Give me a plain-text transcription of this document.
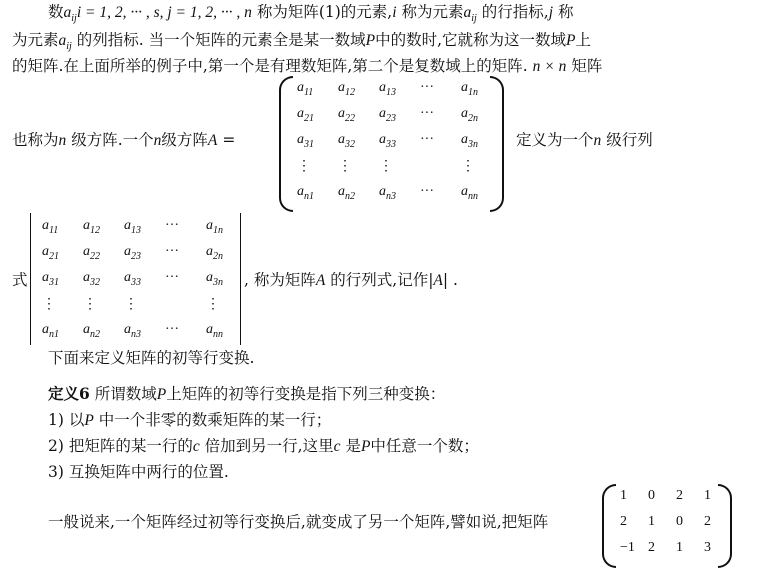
数$a_{ij}i = 1$, 2, ··· , s, j = 1, 2, ··· , n 称为矩阵(1)的元素,i 称为元素$a_{ij}$ 的行指标,j 称
为元素$a_{ij}$ 的列指标. 当一个矩阵的元素全是某一数域P中的数时,它就称为这一数域P上
的矩阵.在上面所举的例子中,第一个是有理数矩阵,第二个是复数域上的矩阵. n × n 矩阵
也称为n 级方阵.一个n级方阵A =
$a_{11}$ $a_{12}$ $a_{13}$ ··· $a_{1n}$
$a_{21}$ $a_{22}$ $a_{23}$ ··· $a_{2n}$
$a_{31}$ $a_{32}$ $a_{33}$ ··· $a_{3n}$
⋮ ⋮ ⋮	⋮
$a_{n1}$ $a_{n2}$ $a_{n3}$ ··· $a_{nn}$
定义为一个n 级行列
式
$a_{11}$ $a_{12}$ $a_{13}$ ··· $a_{1n}$
$a_{21}$ $a_{22}$ $a_{23}$ ··· $a_{2n}$
$a_{31}$ $a_{32}$ $a_{33}$ ··· $a_{3n}$
⋮ ⋮ ⋮	⋮
$a_{n1}$ $a_{n2}$ $a_{n3}$ ··· $a_{nn}$
, 称为矩阵A 的行列式,记作|A| .
下面来定义矩阵的初等行变换.
定义6 所谓数域P上矩阵的初等行变换是指下列三种变换：
1) 以P 中一个非零的数乘矩阵的某一行；
2) 把矩阵的某一行的c 倍加到另一行,这里c 是P中任意一个数；
3) 互换矩阵中两行的位置.
一般说来,一个矩阵经过初等行变换后,就变成了另一个矩阵,譬如说,把矩阵
1 0 2 1
2 1 0 2
−1 2 1 3
